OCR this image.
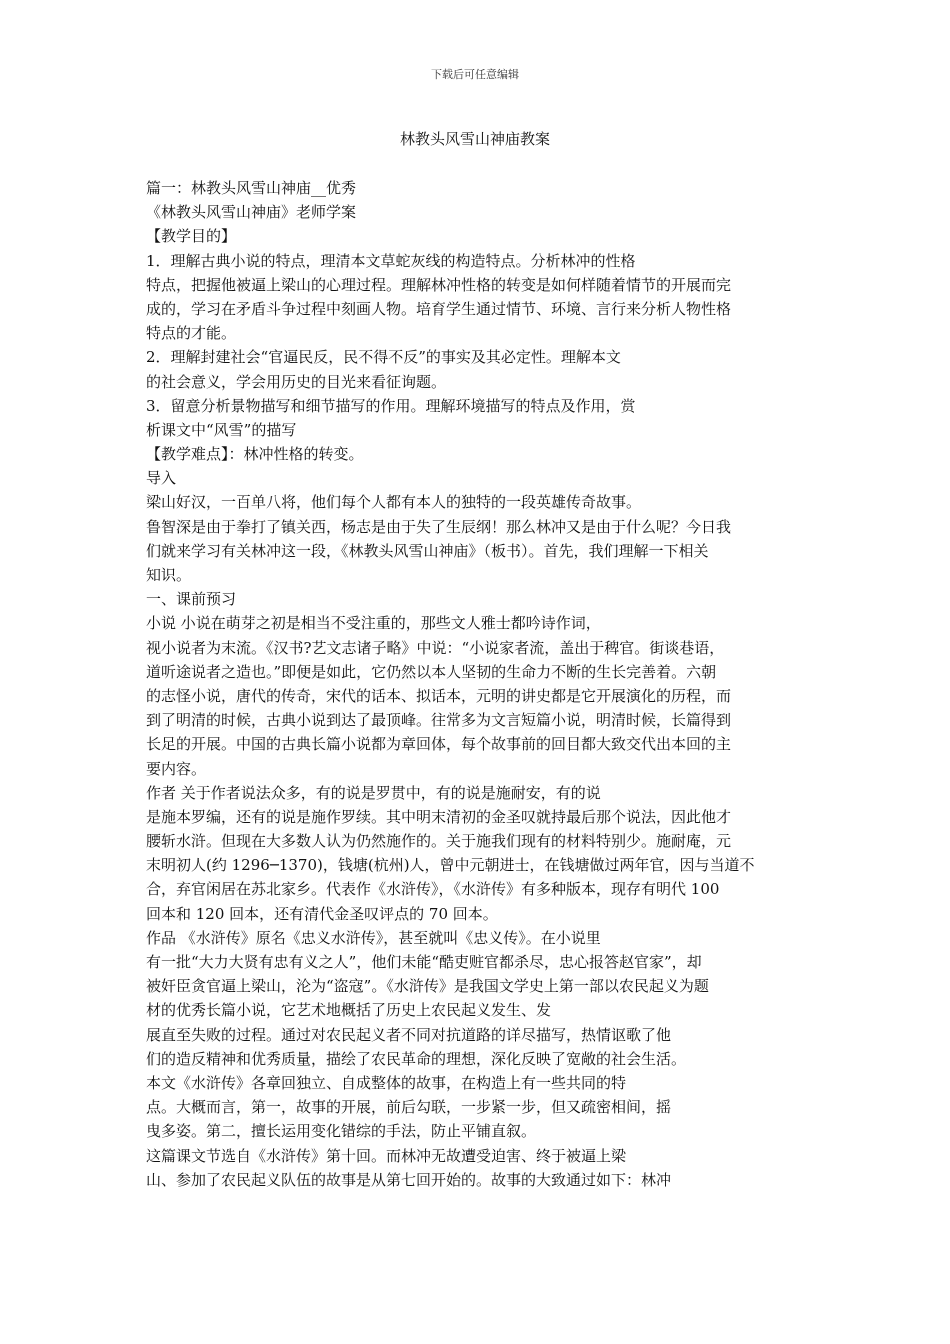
下载后可任意编辑
林教头风雪山神庙教案
篇一：林教头风雪山神庙__优秀
《林教头风雪山神庙》老师学案
【教学目的】
1．理解古典小说的特点，理清本文草蛇灰线的构造特点。分析林冲的性格
特点，把握他被逼上梁山的心理过程。理解林冲性格的转变是如何样随着情节的开展而完
成的，学习在矛盾斗争过程中刻画人物。培育学生通过情节、环境、言行来分析人物性格
特点的才能。
2．理解封建社会“官逼民反，民不得不反”的事实及其必定性。理解本文
的社会意义，学会用历史的目光来看征询题。
3．留意分析景物描写和细节描写的作用。理解环境描写的特点及作用，赏
析课文中“风雪”的描写
【教学难点】：林冲性格的转变。
导入
梁山好汉，一百单八将，他们每个人都有本人的独特的一段英雄传奇故事。
鲁智深是由于拳打了镇关西，杨志是由于失了生辰纲！那么林冲又是由于什么呢？今日我
们就来学习有关林冲这一段，《林教头风雪山神庙》（板书）。首先，我们理解一下相关
知识。
一、课前预习
小说 小说在萌芽之初是相当不受注重的，那些文人雅士都吟诗作词，
视小说者为末流。《汉书?艺文志诸子略》中说：“小说家者流，盖出于稗官。街谈巷语，
道听途说者之造也。”即便是如此，它仍然以本人坚韧的生命力不断的生长完善着。六朝
的志怪小说，唐代的传奇，宋代的话本、拟话本，元明的讲史都是它开展演化的历程，而
到了明清的时候，古典小说到达了最顶峰。往常多为文言短篇小说，明清时候，长篇得到
长足的开展。中国的古典长篇小说都为章回体，每个故事前的回目都大致交代出本回的主
要内容。
作者 关于作者说法众多，有的说是罗贯中，有的说是施耐安，有的说
是施本罗编，还有的说是施作罗续。其中明末清初的金圣叹就持最后那个说法，因此他才
腰斩水浒。但现在大多数人认为仍然施作的。关于施我们现有的材料特别少。施耐庵，元
末明初人(约 1296─1370)，钱塘(杭州)人，曾中元朝进士，在钱塘做过两年官，因与当道不
合，弃官闲居在苏北家乡。代表作《水浒传》，《水浒传》有多种版本，现存有明代 100
回本和 120 回本，还有清代金圣叹评点的 70 回本。
作品 《水浒传》原名《忠义水浒传》，甚至就叫《忠义传》。在小说里
有一批“大力大贤有忠有义之人”，他们未能“酷吏赃官都杀尽，忠心报答赵官家”，却
被奸臣贪官逼上梁山，沦为“盗寇”。《水浒传》是我国文学史上第一部以农民起义为题
材的优秀长篇小说，它艺术地概括了历史上农民起义发生、发
展直至失败的过程。通过对农民起义者不同对抗道路的详尽描写，热情讴歌了他
们的造反精神和优秀质量，描绘了农民革命的理想，深化反映了宽敞的社会生活。
本文《水浒传》各章回独立、自成整体的故事，在构造上有一些共同的特
点。大概而言，第一，故事的开展，前后勾联，一步紧一步，但又疏密相间，摇
曳多姿。第二，擅长运用变化错综的手法，防止平铺直叙。
这篇课文节选自《水浒传》第十回。而林冲无故遭受迫害、终于被逼上梁
山、参加了农民起义队伍的故事是从第七回开始的。故事的大致通过如下：林冲
